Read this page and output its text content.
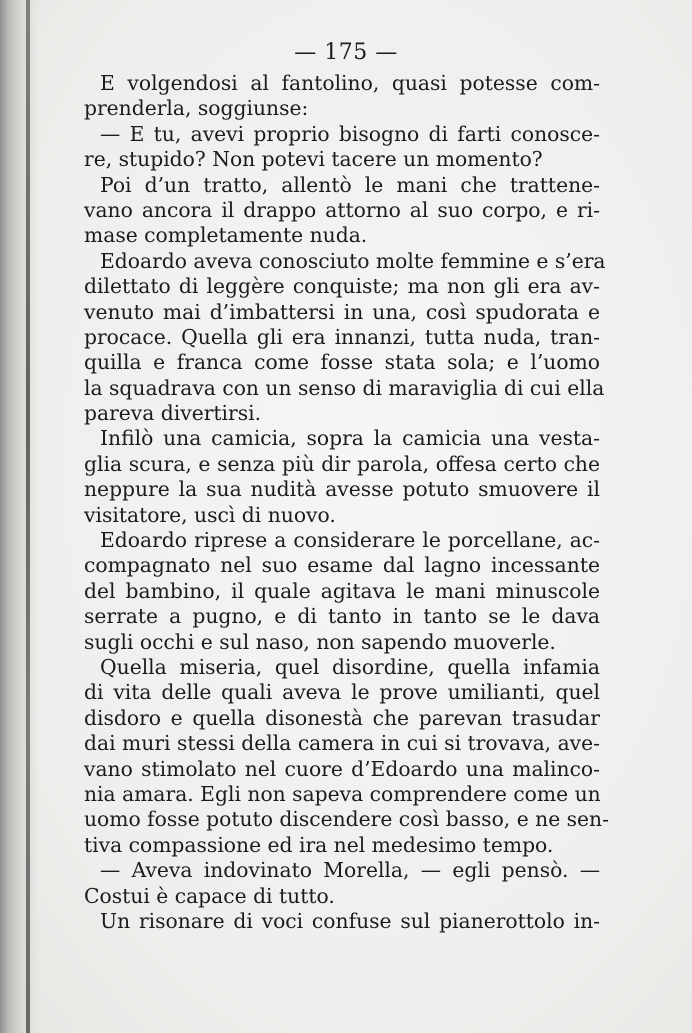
— 175 —
E volgendosi al fantolino, quasi potesse com-
prenderla, soggiunse:
— E tu, avevi proprio bisogno di farti conosce-
re, stupido? Non potevi tacere un momento?
Poi d’un tratto, allentò le mani che trattene-
vano ancora il drappo attorno al suo corpo, e ri-
mase completamente nuda.
Edoardo aveva conosciuto molte femmine e s’era
dilettato di leggère conquiste; ma non gli era av-
venuto mai d’imbattersi in una, così spudorata e
procace. Quella gli era innanzi, tutta nuda, tran-
quilla e franca come fosse stata sola; e l’uomo
la squadrava con un senso di maraviglia di cui ella
pareva divertirsi.
Infilò una camicia, sopra la camicia una vesta-
glia scura, e senza più dir parola, offesa certo che
neppure la sua nudità avesse potuto smuovere il
visitatore, uscì di nuovo.
Edoardo riprese a considerare le porcellane, ac-
compagnato nel suo esame dal lagno incessante
del bambino, il quale agitava le mani minuscole
serrate a pugno, e di tanto in tanto se le dava
sugli occhi e sul naso, non sapendo muoverle.
Quella miseria, quel disordine, quella infamia
di vita delle quali aveva le prove umilianti, quel
disdoro e quella disonestà che parevan trasudar
dai muri stessi della camera in cui si trovava, ave-
vano stimolato nel cuore d’Edoardo una malinco-
nia amara. Egli non sapeva comprendere come un
uomo fosse potuto discendere così basso, e ne sen-
tiva compassione ed ira nel medesimo tempo.
— Aveva indovinato Morella, — egli pensò. —
Costui è capace di tutto.
Un risonare di voci confuse sul pianerottolo in-
